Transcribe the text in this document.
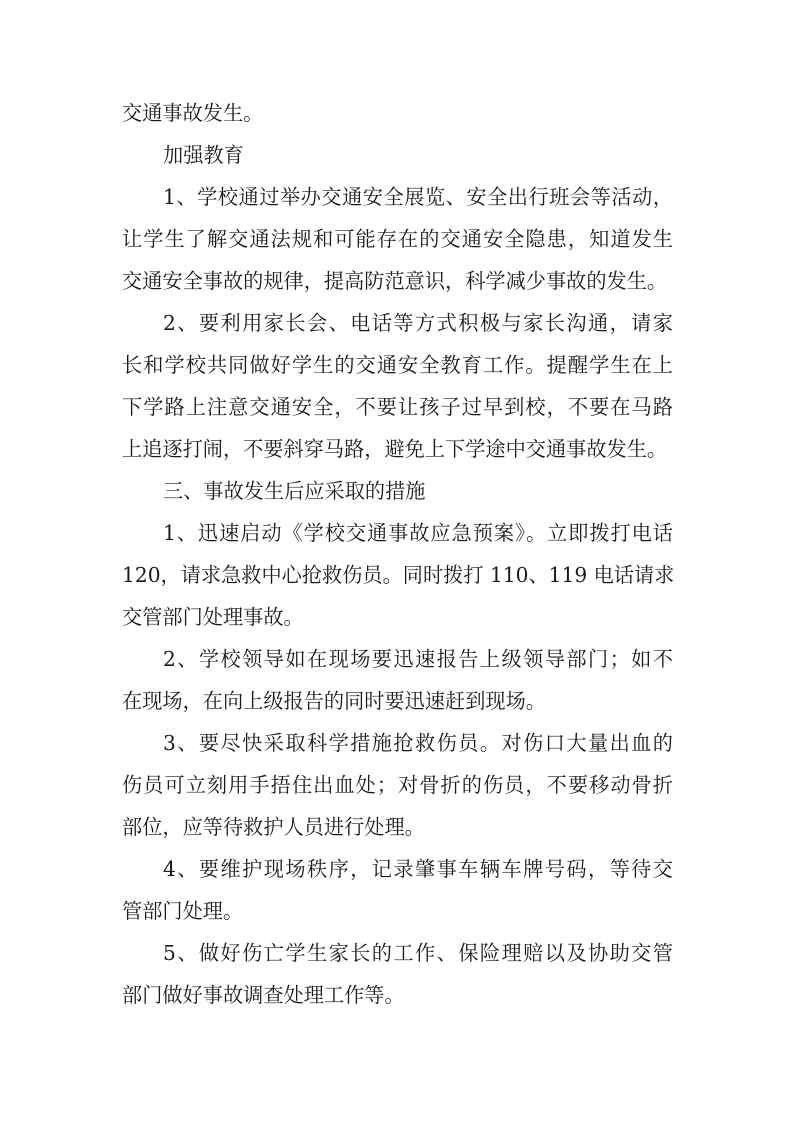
交通事故发生。
加强教育
1、学校通过举办交通安全展览、安全出行班会等活动，
让学生了解交通法规和可能存在的交通安全隐患，知道发生
交通安全事故的规律，提高防范意识，科学减少事故的发生。
2、要利用家长会、电话等方式积极与家长沟通，请家
长和学校共同做好学生的交通安全教育工作。提醒学生在上
下学路上注意交通安全，不要让孩子过早到校，不要在马路
上追逐打闹，不要斜穿马路，避免上下学途中交通事故发生。
三、事故发生后应采取的措施
1、迅速启动《学校交通事故应急预案》。立即拨打电话
120，请求急救中心抢救伤员。同时拨打 110、119 电话请求
交管部门处理事故。
2、学校领导如在现场要迅速报告上级领导部门；如不
在现场，在向上级报告的同时要迅速赶到现场。
3、要尽快采取科学措施抢救伤员。对伤口大量出血的
伤员可立刻用手捂住出血处；对骨折的伤员，不要移动骨折
部位，应等待救护人员进行处理。
4、要维护现场秩序，记录肇事车辆车牌号码，等待交
管部门处理。
5、做好伤亡学生家长的工作、保险理赔以及协助交管
部门做好事故调查处理工作等。
